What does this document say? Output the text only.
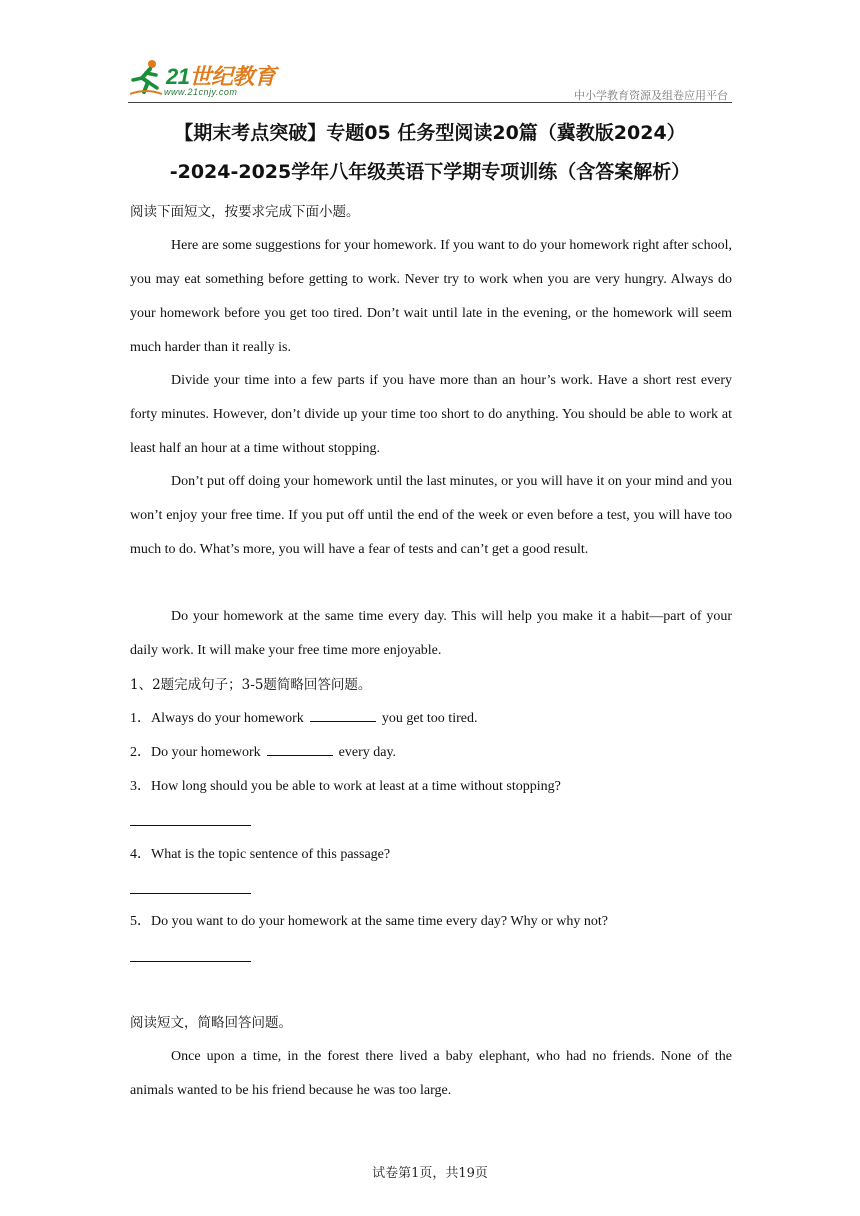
21世纪教育
www.21cnjy.com	中小学教育资源及组卷应用平台
【期末考点突破】专题05 任务型阅读20篇（冀教版2024）
-2024-2025学年八年级英语下学期专项训练（含答案解析）
阅读下面短文，按要求完成下面小题。
Here are some suggestions for your homework. If you want to do your homework right after school, you may eat something before getting to work. Never try to work when you are very hungry. Always do your homework before you get too tired. Don’t wait until late in the evening, or the homework will seem much harder than it really is.
Divide your time into a few parts if you have more than an hour’s work. Have a short rest every forty minutes. However, don’t divide up your time too short to do anything. You should be able to work at least half an hour at a time without stopping.
Don’t put off doing your homework until the last minutes, or you will have it on your mind and you won’t enjoy your free time. If you put off until the end of the week or even before a test, you will have too much to do. What’s more, you will have a fear of tests and can’t get a good result.
Do your homework at the same time every day. This will help you make it a habit—part of your daily work. It will make your free time more enjoyable.
1、2题完成句子；3-5题简略回答问题。
1．Always do your homework	you get too tired.
2．Do your homework	every day.
3．How long should you be able to work at least at a time without stopping?
4．What is the topic sentence of this passage?
5．Do you want to do your homework at the same time every day? Why or why not?
阅读短文，简略回答问题。
Once upon a time, in the forest there lived a baby elephant, who had no friends. None of the animals wanted to be his friend because he was too large.
试卷第1页，共19页
